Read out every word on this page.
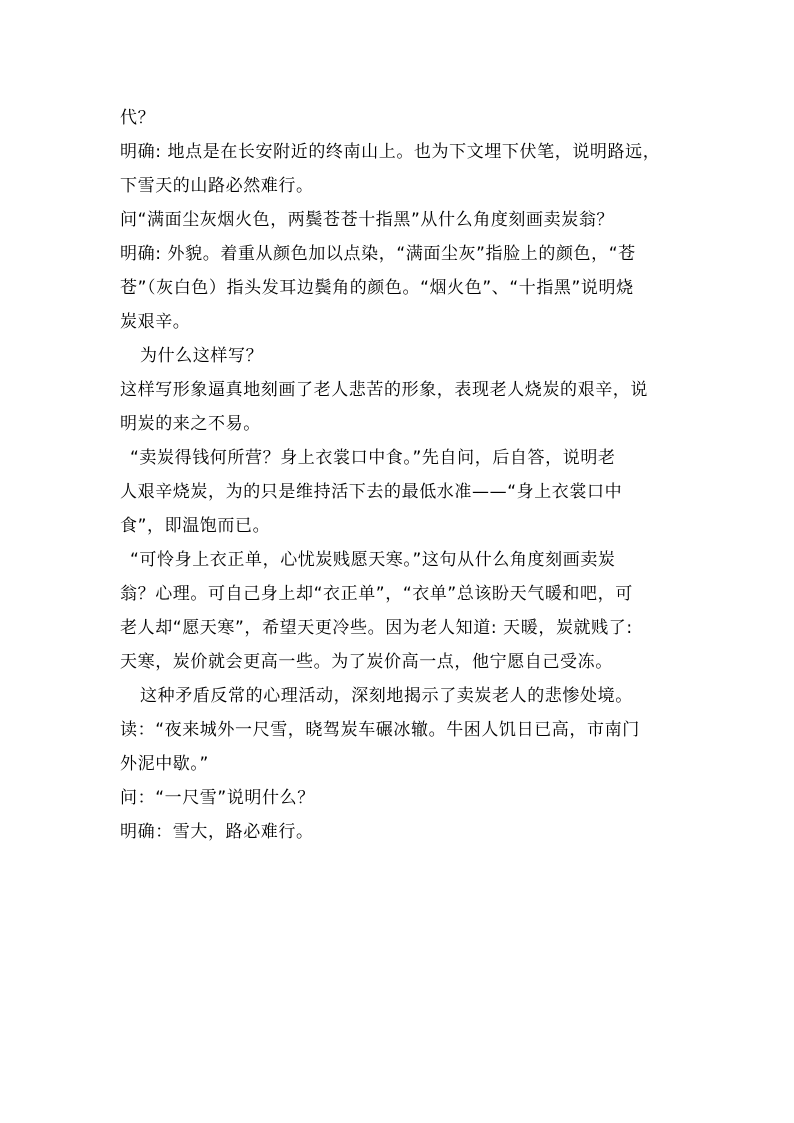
代？
明确: 地点是在长安附近的终南山上。也为下文埋下伏笔，说明路远，
下雪天的山路必然难行。
问“满面尘灰烟火色，两鬓苍苍十指黑”从什么角度刻画卖炭翁？
明确: 外貌。着重从颜色加以点染，“满面尘灰”指脸上的颜色，“苍
苍”（灰白色）指头发耳边鬓角的颜色。“烟火色”、“十指黑”说明烧
炭艰辛。
为什么这样写？
这样写形象逼真地刻画了老人悲苦的形象，表现老人烧炭的艰辛，说
明炭的来之不易。
“卖炭得钱何所营？身上衣裳口中食。”先自问，后自答，说明老
人艰辛烧炭，为的只是维持活下去的最低水准——“身上衣裳口中
食”，即温饱而已。
“可怜身上衣正单，心忧炭贱愿天寒。”这句从什么角度刻画卖炭
翁？心理。可自己身上却“衣正单”，“衣单”总该盼天气暖和吧，可
老人却“愿天寒”，希望天更冷些。因为老人知道: 天暖，炭就贱了:
天寒，炭价就会更高一些。为了炭价高一点，他宁愿自己受冻。
这种矛盾反常的心理活动，深刻地揭示了卖炭老人的悲惨处境。
读：“夜来城外一尺雪，晓驾炭车碾冰辙。牛困人饥日已高，市南门
外泥中歇。”
问：“一尺雪”说明什么？
明确：雪大，路必难行。
